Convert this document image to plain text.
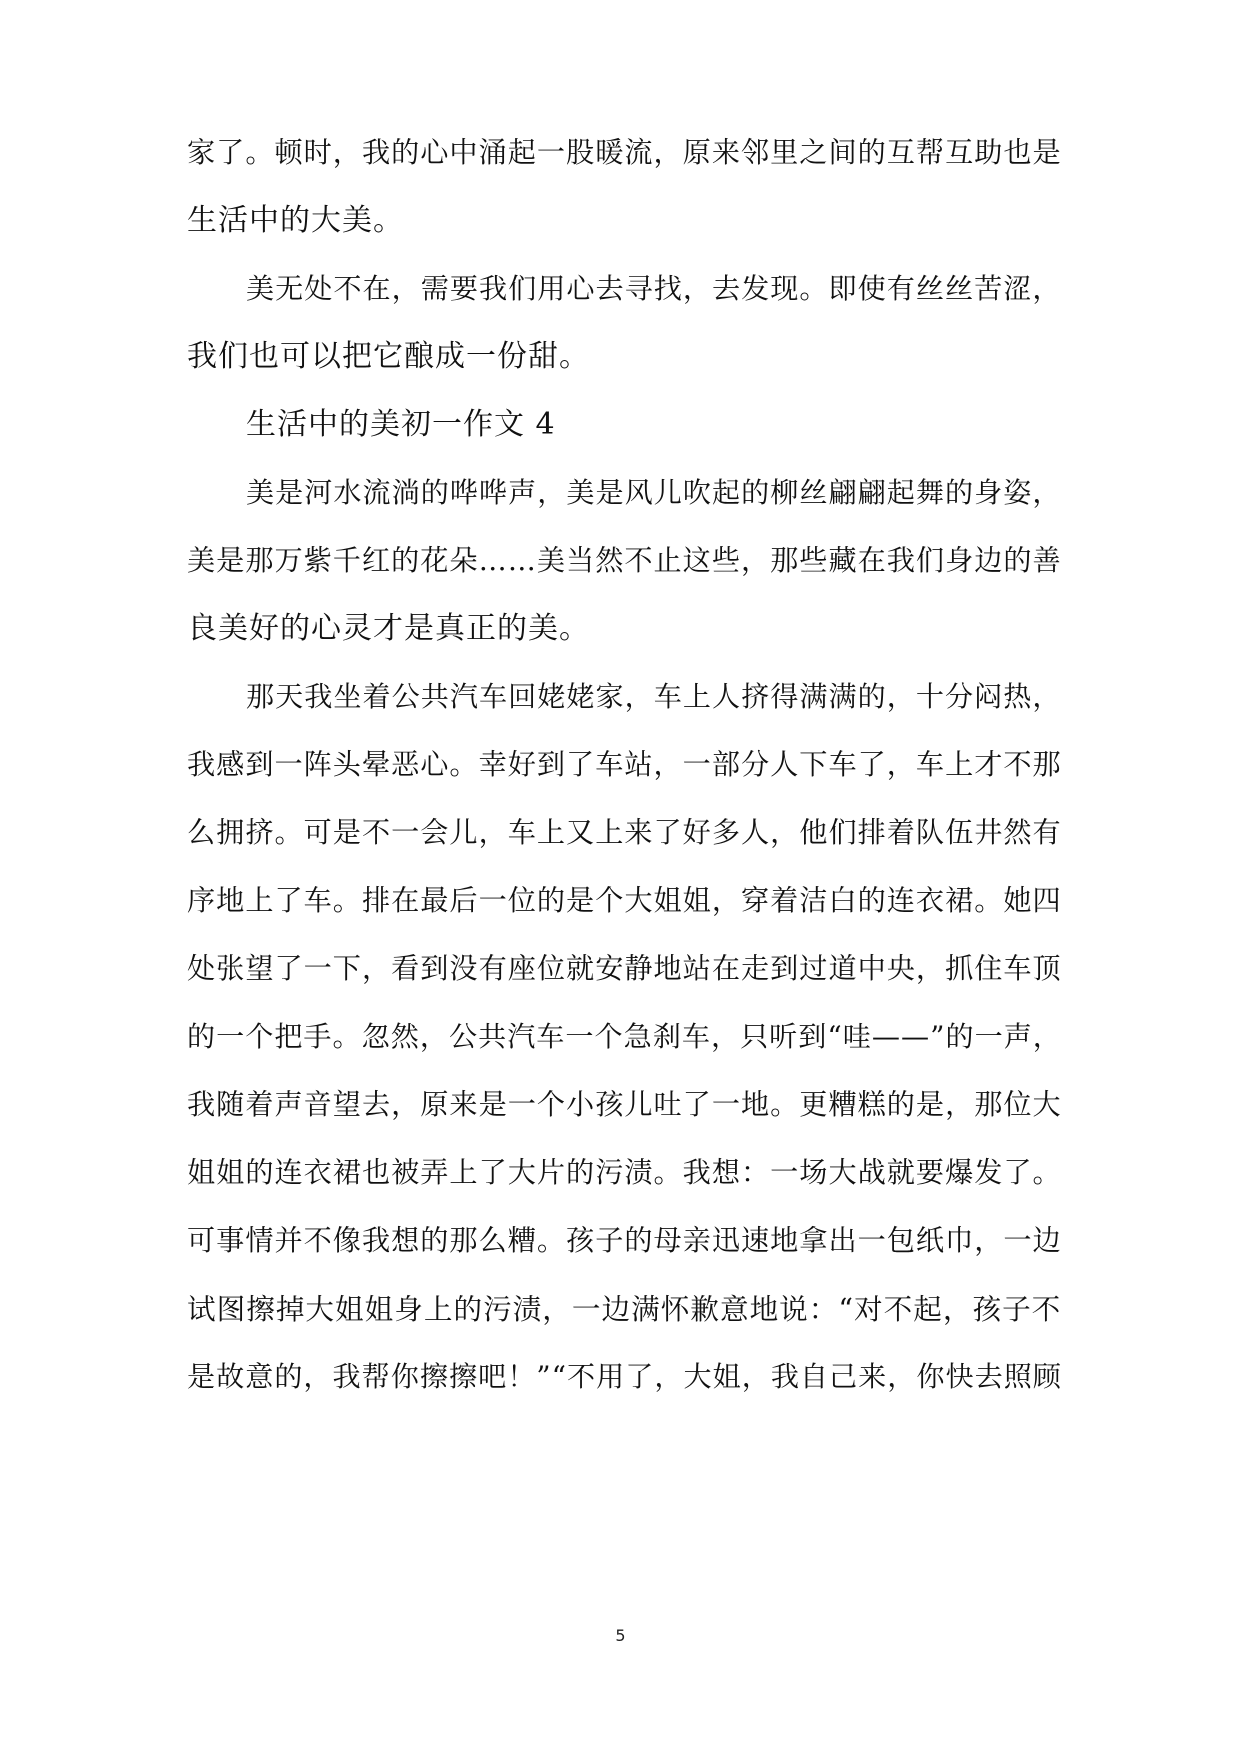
家了。顿时，我的心中涌起一股暖流，原来邻里之间的互帮互助也是
生活中的大美。
美无处不在，需要我们用心去寻找，去发现。即使有丝丝苦涩，
我们也可以把它酿成一份甜。
生活中的美初一作文 4
美是河水流淌的哗哗声，美是风儿吹起的柳丝翩翩起舞的身姿，
美是那万紫千红的花朵……美当然不止这些，那些藏在我们身边的善
良美好的心灵才是真正的美。
那天我坐着公共汽车回姥姥家，车上人挤得满满的，十分闷热，
我感到一阵头晕恶心。幸好到了车站，一部分人下车了，车上才不那
么拥挤。可是不一会儿，车上又上来了好多人，他们排着队伍井然有
序地上了车。排在最后一位的是个大姐姐，穿着洁白的连衣裙。她四
处张望了一下，看到没有座位就安静地站在走到过道中央，抓住车顶
的一个把手。忽然，公共汽车一个急刹车，只听到“哇——”的一声，
我随着声音望去，原来是一个小孩儿吐了一地。更糟糕的是，那位大
姐姐的连衣裙也被弄上了大片的污渍。我想：一场大战就要爆发了。
可事情并不像我想的那么糟。孩子的母亲迅速地拿出一包纸巾，一边
试图擦掉大姐姐身上的污渍，一边满怀歉意地说：“对不起，孩子不
是故意的，我帮你擦擦吧！”“不用了，大姐，我自己来，你快去照顾
5
